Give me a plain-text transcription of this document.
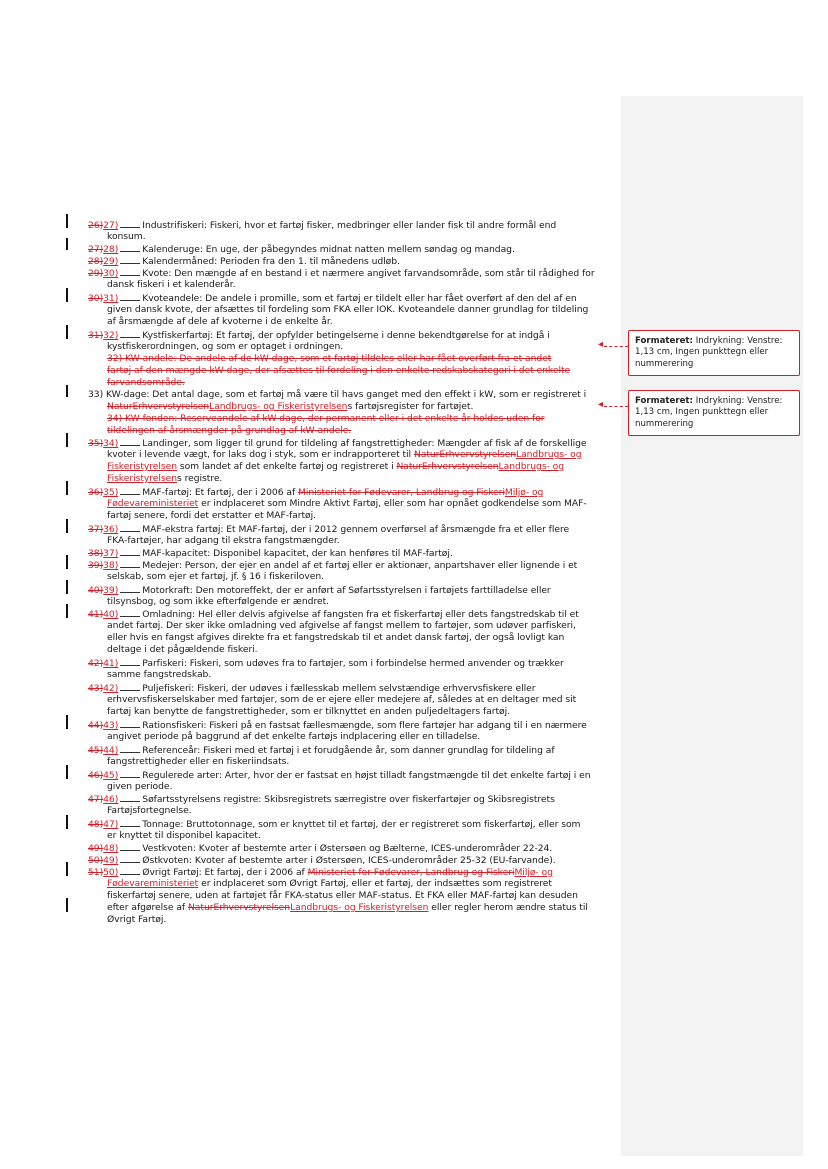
26)27)	Industrifiskeri: Fiskeri, hvor et fartøj fisker, medbringer eller lander fisk til andre formål end
konsum.
27)28)	Kalenderuge: En uge, der påbegyndes midnat natten mellem søndag og mandag.
28)29)	Kalendermåned: Perioden fra den 1. til månedens udløb.
29)30)	Kvote: Den mængde af en bestand i et nærmere angivet farvandsområde, som står til rådighed for
dansk fiskeri i et kalenderår.
30)31)	Kvoteandele: De andele i promille, som et fartøj er tildelt eller har fået overført af den del af en
given dansk kvote, der afsættes til fordeling som FKA eller IOK. Kvoteandele danner grundlag for tildeling
af årsmængde af dele af kvoterne i de enkelte år.
31)32)	Kystfiskerfartøj: Et fartøj, der opfylder betingelserne i denne bekendtgørelse for at indgå i
kystfiskerordningen, og som er optaget i ordningen.
32) KW-andele: De andele af de kW-dage, som et fartøj tildeles eller har fået overført fra et andet
fartøj af den mængde kW-dage, der afsættes til fordeling i den enkelte redskabskategori i det enkelte
farvandsområde.
33) KW-dage: Det antal dage, som et fartøj må være til havs ganget med den effekt i kW, som er registreret i
NaturErhvervstyrelsenLandbrugs- og Fiskeristyrelsens fartøjsregister for fartøjet.
34) KW-fonden: Reservеandele af kW-dage, der permanent eller i det enkelte år holdes uden for
tildelingen af årsmængder på grundlag af kW-andele.
35)34)	Landinger, som ligger til grund for tildeling af fangstrettigheder: Mængder af fisk af de forskellige
kvoter i levende vægt, for laks dog i styk, som er indrapporteret til NaturErhvervstyrelsenLandbrugs- og
Fiskeristyrelsen som landet af det enkelte fartøj og registreret i NaturErhvervstyrelsenLandbrugs- og
Fiskeristyrelsens registre.
36)35)	MAF-fartøj: Et fartøj, der i 2006 af Ministeriet for Fødevarer, Landbrug og FiskeriMiljø- og
Fødevareministeriet er indplaceret som Mindre Aktivt Fartøj, eller som har opnået godkendelse som MAF-
fartøj senere, fordi det erstatter et MAF-fartøj.
37)36)	MAF-ekstra fartøj: Et MAF-fartøj, der i 2012 gennem overførsel af årsmængde fra et eller flere
FKA-fartøjer, har adgang til ekstra fangstmængder.
38)37)	MAF-kapacitet: Disponibel kapacitet, der kan henføres til MAF-fartøj.
39)38)	Medejer: Person, der ejer en andel af et fartøj eller er aktionær, anpartshaver eller lignende i et
selskab, som ejer et fartøj, jf. § 16 i fiskeriloven.
40)39)	Motorkraft: Den motoreffekt, der er anført af Søfartsstyrelsen i fartøjets farttilladelse eller
tilsynsbog, og som ikke efterfølgende er ændret.
41)40)	Omladning: Hel eller delvis afgivelse af fangsten fra et fiskerfartøj eller dets fangstredskab til et
andet fartøj. Der sker ikke omladning ved afgivelse af fangst mellem to fartøjer, som udøver parfiskeri,
eller hvis en fangst afgives direkte fra et fangstredskab til et andet dansk fartøj, der også lovligt kan
deltage i det pågældende fiskeri.
42)41)	Parfiskeri: Fiskeri, som udøves fra to fartøjer, som i forbindelse hermed anvender og trækker
samme fangstredskab.
43)42)	Puljefiskeri: Fiskeri, der udøves i fællesskab mellem selvstændige erhvervsfiskere eller
erhvervsfiskerselskaber med fartøjer, som de er ejere eller medejere af, således at en deltager med sit
fartøj kan benytte de fangstrettigheder, som er tilknyttet en anden puljedeltagers fartøj.
44)43)	Rationsfiskeri: Fiskeri på en fastsat fællesmængde, som flere fartøjer har adgang til i en nærmere
angivet periode på baggrund af det enkelte fartøjs indplacering eller en tilladelse.
45)44)	Referenceår: Fiskeri med et fartøj i et forudgående år, som danner grundlag for tildeling af
fangstrettigheder eller en fiskeriindsats.
46)45)	Regulerede arter: Arter, hvor der er fastsat en højst tilladt fangstmængde til det enkelte fartøj i en
given periode.
47)46)	Søfartsstyrelsens registre: Skibsregistrets særregistre over fiskerfartøjer og Skibsregistrets
Fartøjsfortegnelse.
48)47)	Tonnage: Bruttotonnage, som er knyttet til et fartøj, der er registreret som fiskerfartøj, eller som
er knyttet til disponibel kapacitet.
49)48)	Vestkvoten: Kvoter af bestemte arter i Østersøen og Bælterne, ICES-underområder 22-24.
50)49)	Østkvoten: Kvoter af bestemte arter i Østersøen, ICES-underområder 25-32 (EU-farvande).
51)50)	Øvrigt Fartøj: Et fartøj, der i 2006 af Ministeriet for Fødevarer, Landbrug og FiskeriMiljø- og
Fødevareministeriet er indplaceret som Øvrigt Fartøj, eller et fartøj, der indsættes som registreret
fiskerfartøj senere, uden at fartøjet får FKA-status eller MAF-status. Et FKA eller MAF-fartøj kan desuden
efter afgørelse af NaturErhvervstyrelsenLandbrugs- og Fiskeristyrelsen eller regler herom ændre status til
Øvrigt Fartøj.
Formateret: Indrykning: Venstre: 1,13 cm, Ingen punkttegn eller nummerering
◂
Formateret: Indrykning: Venstre: 1,13 cm, Ingen punkttegn eller nummerering
◂
